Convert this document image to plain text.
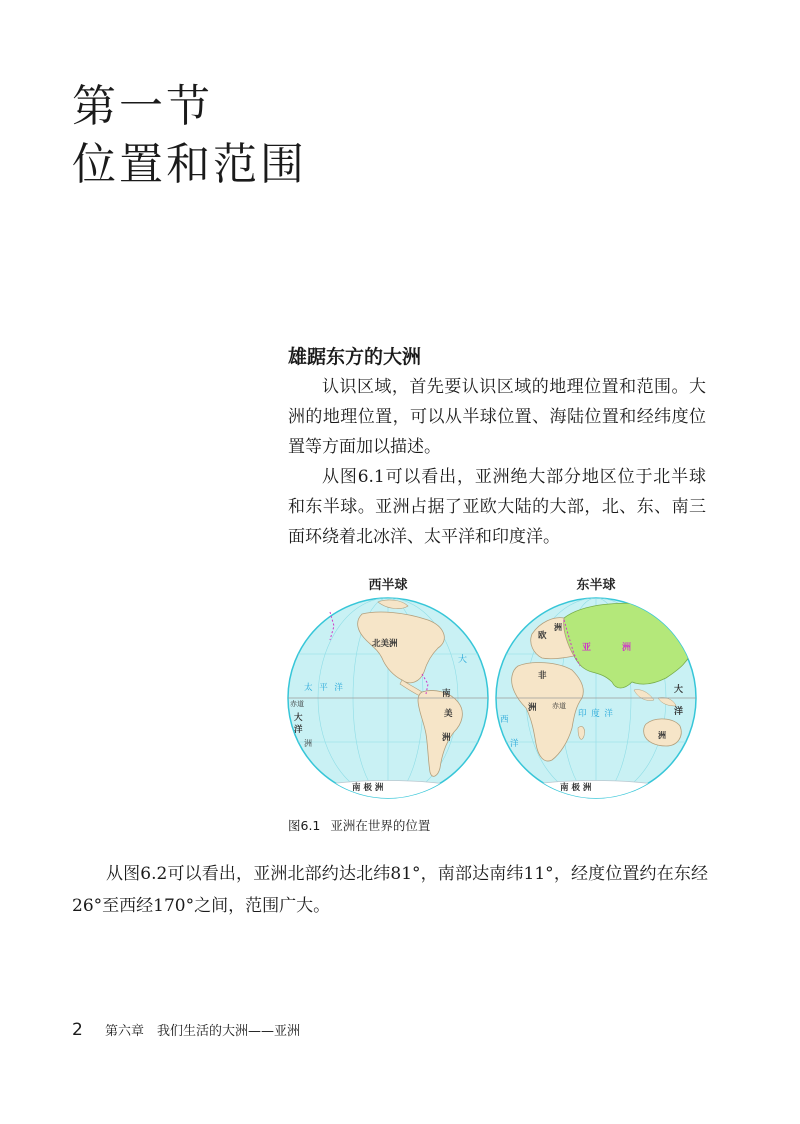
第一节
位置和范围
雄踞东方的大洲

认识区域，首先要认识区域的地理位置和范围。大洲的地理位置，可以从半球位置、海陆位置和经纬度位置等方面加以描述。

从图6.1可以看出，亚洲绝大部分地区位于北半球和东半球。亚洲占据了亚欧大陆的大部，北、东、南三面环绕着北冰洋、太平洋和印度洋。

西半球	东半球
北美洲
南
美
洲
南 极 洲
太 平 洋
赤道
大
洋
洲
大
亚	洲
欧
洲
非
洲 赤道
印 度 洋
大
洋
洲
南 极 洲
西
洋
图6.1 亚洲在世界的位置

从图6.2可以看出，亚洲北部约达北纬81°，南部达南纬11°，经度位置约在东经26°至西经170°之间，范围广大。

2 第六章　我们生活的大洲——亚洲
